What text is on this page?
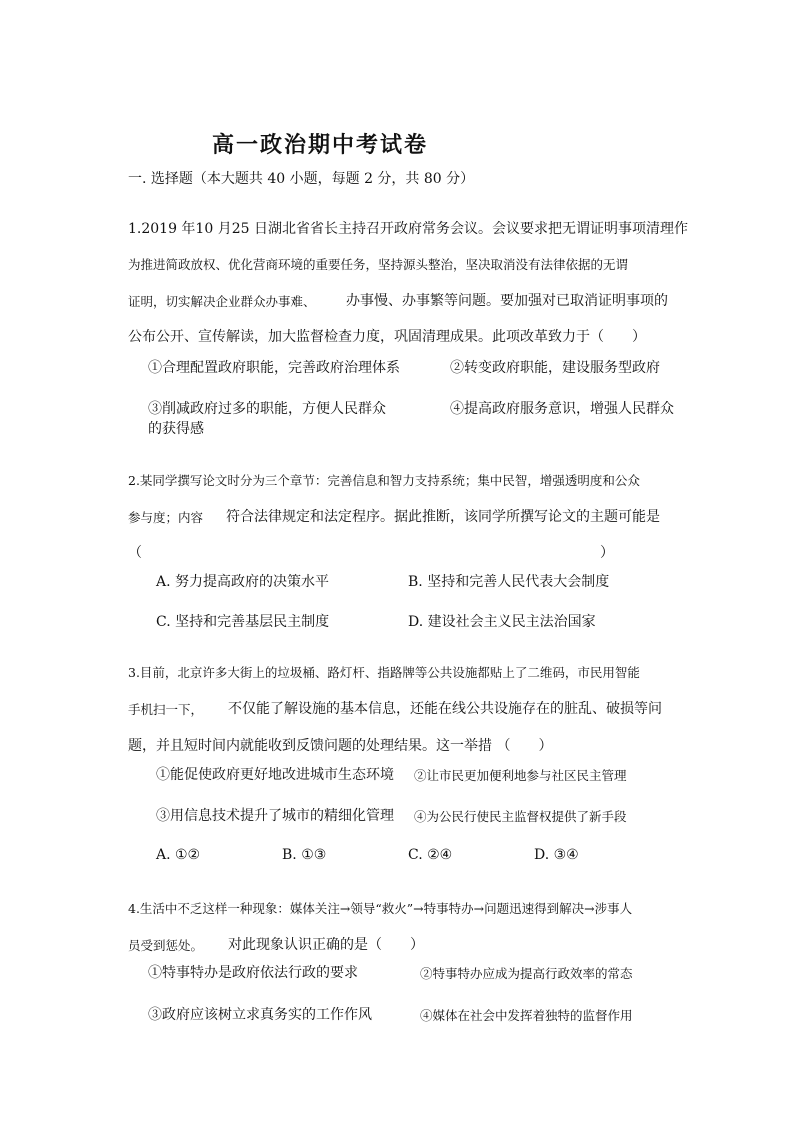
高一政治期中考试卷
一. 选择题（本大题共 40 小题，每题 2 分，共 80 分）
1.2019 年10 月25 日湖北省省长主持召开政府常务会议。会议要求把无谓证明事项清理作
为推进简政放权、优化营商环境的重要任务，坚持源头整治，坚决取消没有法律依据的无谓
证明，切实解决企业群众办事难、 办事慢、办事繁等问题。要加强对已取消证明事项的
公布公开、宣传解读，加大监督检查力度，巩固清理成果。此项改革致力于（　　）
①合理配置政府职能，完善政府治理体系	②转变政府职能，建设服务型政府
③削减政府过多的职能，方便人民群众	④提高政府服务意识，增强人民群众
的获得感
2.某同学撰写论文时分为三个章节：完善信息和智力支持系统；集中民智，增强透明度和公众
参与度；内容 符合法律规定和法定程序。据此推断，该同学所撰写论文的主题可能是
（	）
A. 努力提高政府的决策水平	B. 坚持和完善人民代表大会制度
C. 坚持和完善基层民主制度	D. 建设社会主义民主法治国家
3.目前，北京许多大街上的垃圾桶、路灯杆、指路牌等公共设施都贴上了二维码，市民用智能
手机扫一下， 不仅能了解设施的基本信息，还能在线公共设施存在的脏乱、破损等问
题，并且短时间内就能收到反馈问题的处理结果。这一举措 （　　）
①能促使政府更好地改进城市生态环境 ②让市民更加便利地参与社区民主管理
③用信息技术提升了城市的精细化管理 ④为公民行使民主监督权提供了新手段
A. ①②	B. ①③	C. ②④	D. ③④
4.生活中不乏这样一种现象：媒体关注→领导“救火”→特事特办→问题迅速得到解决→涉事人
员受到惩处。 对此现象认识正确的是（　　）
①特事特办是政府依法行政的要求	②特事特办应成为提高行政效率的常态
③政府应该树立求真务实的工作作风	④媒体在社会中发挥着独特的监督作用
